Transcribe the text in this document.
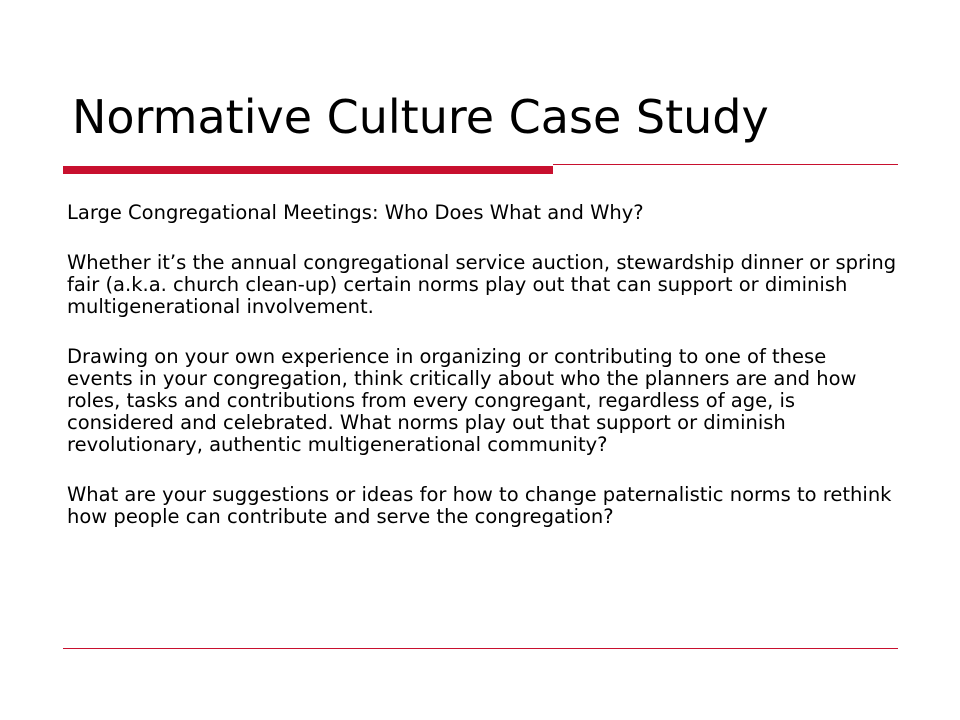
Normative Culture Case Study

Large Congregational Meetings: Who Does What and Why?

Whether it’s the annual congregational service auction, stewardship dinner or spring fair (a.k.a. church clean-up) certain norms play out that can support or diminish multigenerational involvement.

Drawing on your own experience in organizing or contributing to one of these events in your congregation, think critically about who the planners are and how roles, tasks and contributions from every congregant, regardless of age, is considered and celebrated. What norms play out that support or diminish revolutionary, authentic multigenerational community?

What are your suggestions or ideas for how to change paternalistic norms to rethink how people can contribute and serve the congregation?
